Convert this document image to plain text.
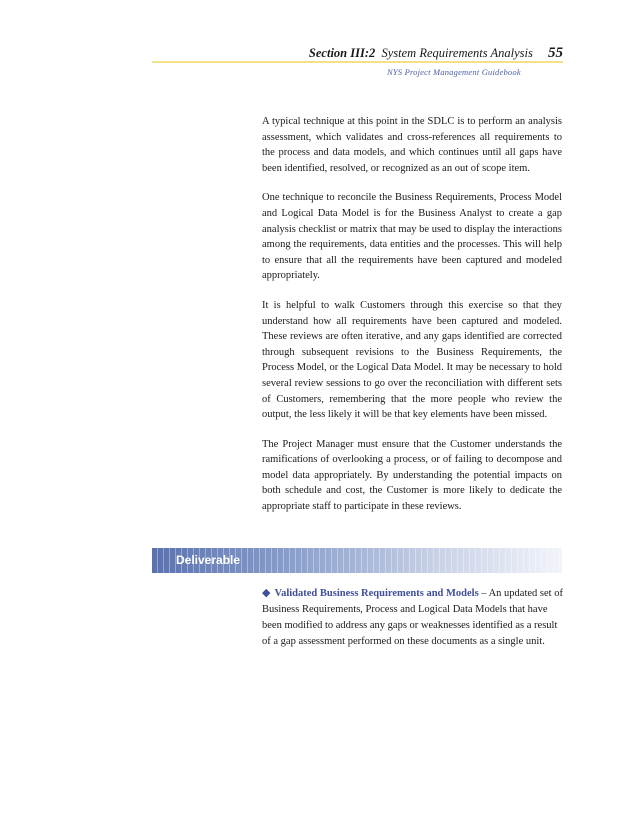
Section III:2 System Requirements Analysis 55
NYS Project Management Guidebook

A typical technique at this point in the SDLC is to perform an analysis assessment, which validates and cross-references all requirements to the process and data models, and which continues until all gaps have been identified, resolved, or recognized as an out of scope item.

One technique to reconcile the Business Requirements, Process Model and Logical Data Model is for the Business Analyst to create a gap analysis checklist or matrix that may be used to display the interactions among the requirements, data entities and the processes. This will help to ensure that all the requirements have been captured and modeled appropriately.

It is helpful to walk Customers through this exercise so that they understand how all requirements have been captured and modeled. These reviews are often iterative, and any gaps identified are corrected through subsequent revisions to the Business Requirements, the Process Model, or the Logical Data Model. It may be necessary to hold several review sessions to go over the reconciliation with different sets of Customers, remembering that the more people who review the output, the less likely it will be that key elements have been missed.

The Project Manager must ensure that the Customer understands the ramifications of overlooking a process, or of failing to decompose and model data appropriately. By understanding the potential impacts on both schedule and cost, the Customer is more likely to dedicate the appropriate staff to participate in these reviews.

Deliverable
◆ Validated Business Requirements and Models – An updated set of Business Requirements, Process and Logical Data Models that have been modified to address any gaps or weaknesses identified as a result of a gap assessment performed on these documents as a single unit.
